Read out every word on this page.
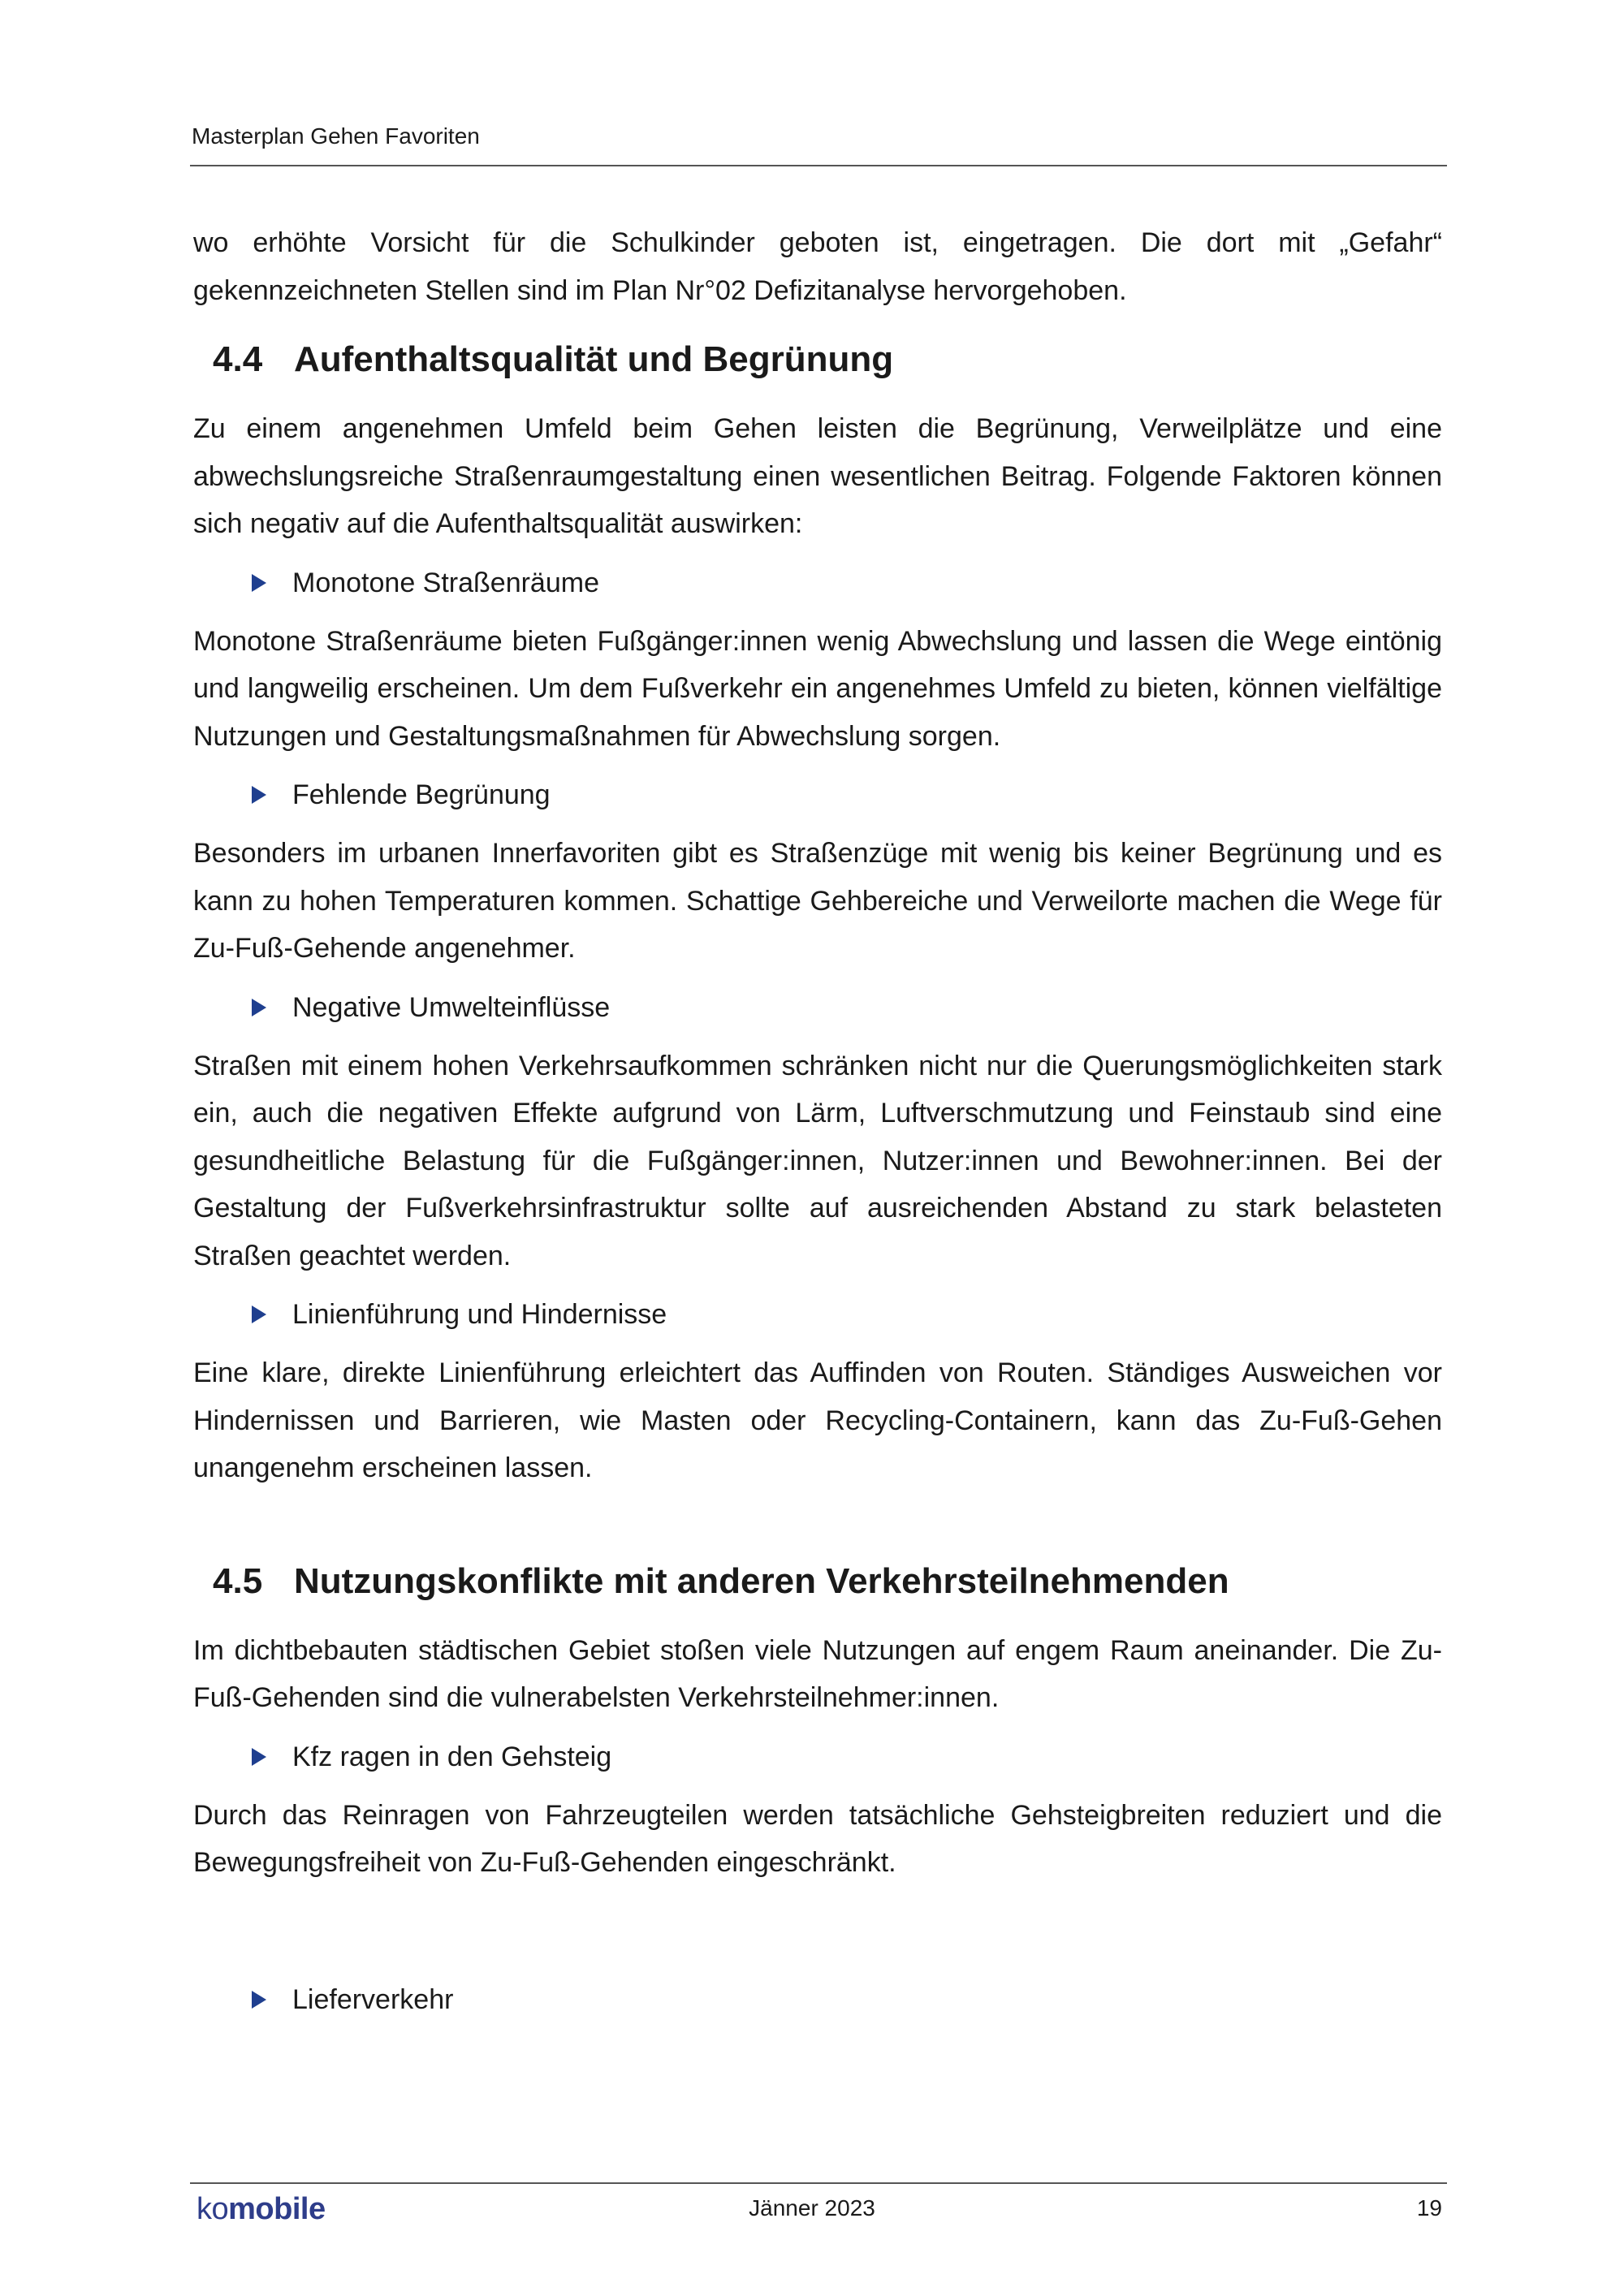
Masterplan Gehen Favoriten

wo erhöhte Vorsicht für die Schulkinder geboten ist, eingetragen. Die dort mit „Gefahr“ gekennzeichneten Stellen sind im Plan Nr°02 Defizitanalyse hervorgehoben.

4.4 Aufenthaltsqualität und Begrünung

Zu einem angenehmen Umfeld beim Gehen leisten die Begrünung, Verweilplätze und eine abwechslungsreiche Straßenraumgestaltung einen wesentlichen Beitrag. Folgende Faktoren können sich negativ auf die Aufenthaltsqualität auswirken:

Monotone Straßenräume

Monotone Straßenräume bieten Fußgänger:innen wenig Abwechslung und lassen die Wege eintönig und langweilig erscheinen. Um dem Fußverkehr ein angenehmes Umfeld zu bieten, können vielfältige Nutzungen und Gestaltungsmaßnahmen für Abwechslung sorgen.

Fehlende Begrünung

Besonders im urbanen Innerfavoriten gibt es Straßenzüge mit wenig bis keiner Begrünung und es kann zu hohen Temperaturen kommen. Schattige Gehbereiche und Verweilorte machen die Wege für Zu-Fuß-Gehende angenehmer.

Negative Umwelteinflüsse

Straßen mit einem hohen Verkehrsaufkommen schränken nicht nur die Querungsmöglichkeiten stark ein, auch die negativen Effekte aufgrund von Lärm, Luftverschmutzung und Feinstaub sind eine gesundheitliche Belastung für die Fußgänger:innen, Nutzer:innen und Bewohner:innen. Bei der Gestaltung der Fußverkehrsinfrastruktur sollte auf ausreichenden Abstand zu stark belasteten Straßen geachtet werden.

Linienführung und Hindernisse

Eine klare, direkte Linienführung erleichtert das Auffinden von Routen. Ständiges Ausweichen vor Hindernissen und Barrieren, wie Masten oder Recycling-Containern, kann das Zu-Fuß-Gehen unangenehm erscheinen lassen.

4.5 Nutzungskonflikte mit anderen Verkehrsteilnehmenden

Im dichtbebauten städtischen Gebiet stoßen viele Nutzungen auf engem Raum aneinander. Die Zu-Fuß-Gehenden sind die vulnerabelsten Verkehrsteilnehmer:innen.

Kfz ragen in den Gehsteig

Durch das Reinragen von Fahrzeugteilen werden tatsächliche Gehsteigbreiten reduziert und die Bewegungsfreiheit von Zu-Fuß-Gehenden eingeschränkt.

Lieferverkehr
komobile	Jänner 2023	19
